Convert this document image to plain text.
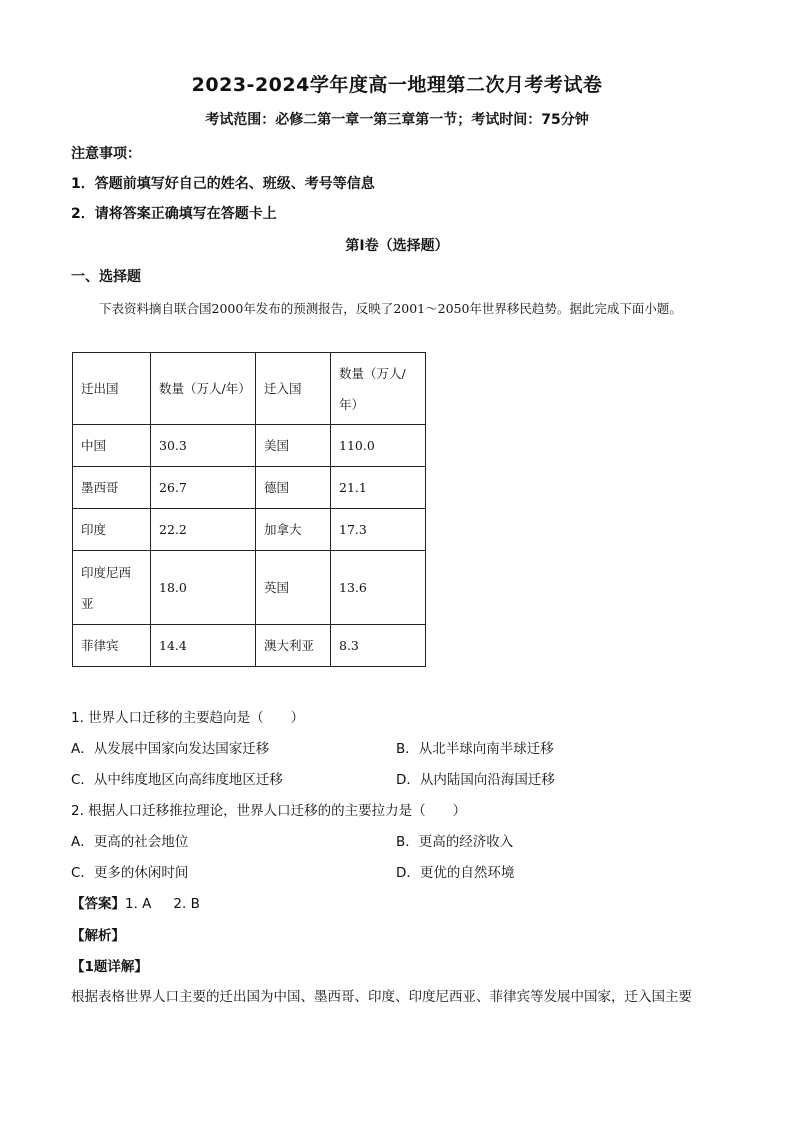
2023-2024学年度高一地理第二次月考考试卷
考试范围：必修二第一章一第三章第一节；考试时间：75分钟
注意事项：
1．答题前填写好自己的姓名、班级、考号等信息
2．请将答案正确填写在答题卡上
第I卷（选择题）
一、选择题
下表资料摘自联合国2000年发布的预测报告，反映了2001～2050年世界移民趋势。据此完成下面小题。
迁出国	数量（万人/年）	迁入国	数量（万人/年）
中国	30.3	美国	110.0
墨西哥	26.7	德国	21.1
印度	22.2	加拿大	17.3
印度尼西亚	18.0	英国	13.6
菲律宾	14.4	澳大利亚	8.3
1. 世界人口迁移的主要趋向是（　　）
A．从发展中国家向发达国家迁移	B．从北半球向南半球迁移
C．从中纬度地区向高纬度地区迁移	D．从内陆国向沿海国迁移
2. 根据人口迁移推拉理论，世界人口迁移的的主要拉力是（　　）
A．更高的社会地位	B．更高的经济收入
C．更多的休闲时间	D．更优的自然环境
【答案】1. A 2. B
【解析】
【1题详解】
根据表格世界人口主要的迁出国为中国、墨西哥、印度、印度尼西亚、菲律宾等发展中国家，迁入国主要
